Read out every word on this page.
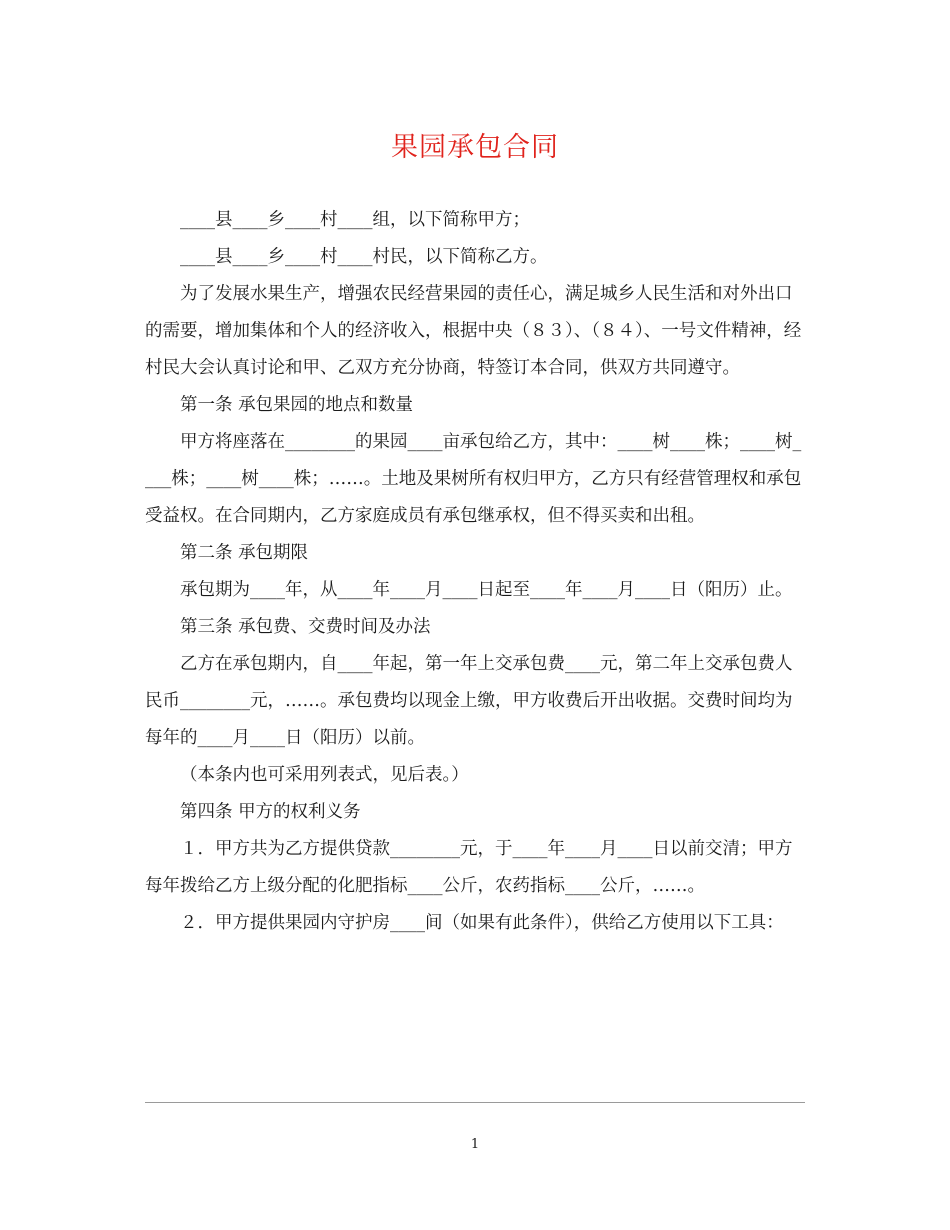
果园承包合同

____县____乡____村____组，以下简称甲方；

____县____乡____村____村民，以下简称乙方。

为了发展水果生产，增强农民经营果园的责任心，满足城乡人民生活和对外出口的需要，增加集体和个人的经济收入，根据中央（８３）、（８４）、一号文件精神，经村民大会认真讨论和甲、乙双方充分协商，特签订本合同，供双方共同遵守。

第一条 承包果园的地点和数量

甲方将座落在________的果园____亩承包给乙方，其中：____树____株；____树____株；____树____株；……。土地及果树所有权归甲方，乙方只有经营管理权和承包受益权。在合同期内，乙方家庭成员有承包继承权，但不得买卖和出租。

第二条 承包期限

承包期为____年，从____年____月____日起至____年____月____日（阳历）止。

第三条 承包费、交费时间及办法

乙方在承包期内，自____年起，第一年上交承包费____元，第二年上交承包费人民币________元，……。承包费均以现金上缴，甲方收费后开出收据。交费时间均为每年的____月____日（阳历）以前。

（本条内也可采用列表式，见后表。）

第四条 甲方的权利义务

１．甲方共为乙方提供贷款________元，于____年____月____日以前交清；甲方每年拨给乙方上级分配的化肥指标____公斤，农药指标____公斤，……。

２．甲方提供果园内守护房____间（如果有此条件），供给乙方使用以下工具：

1
